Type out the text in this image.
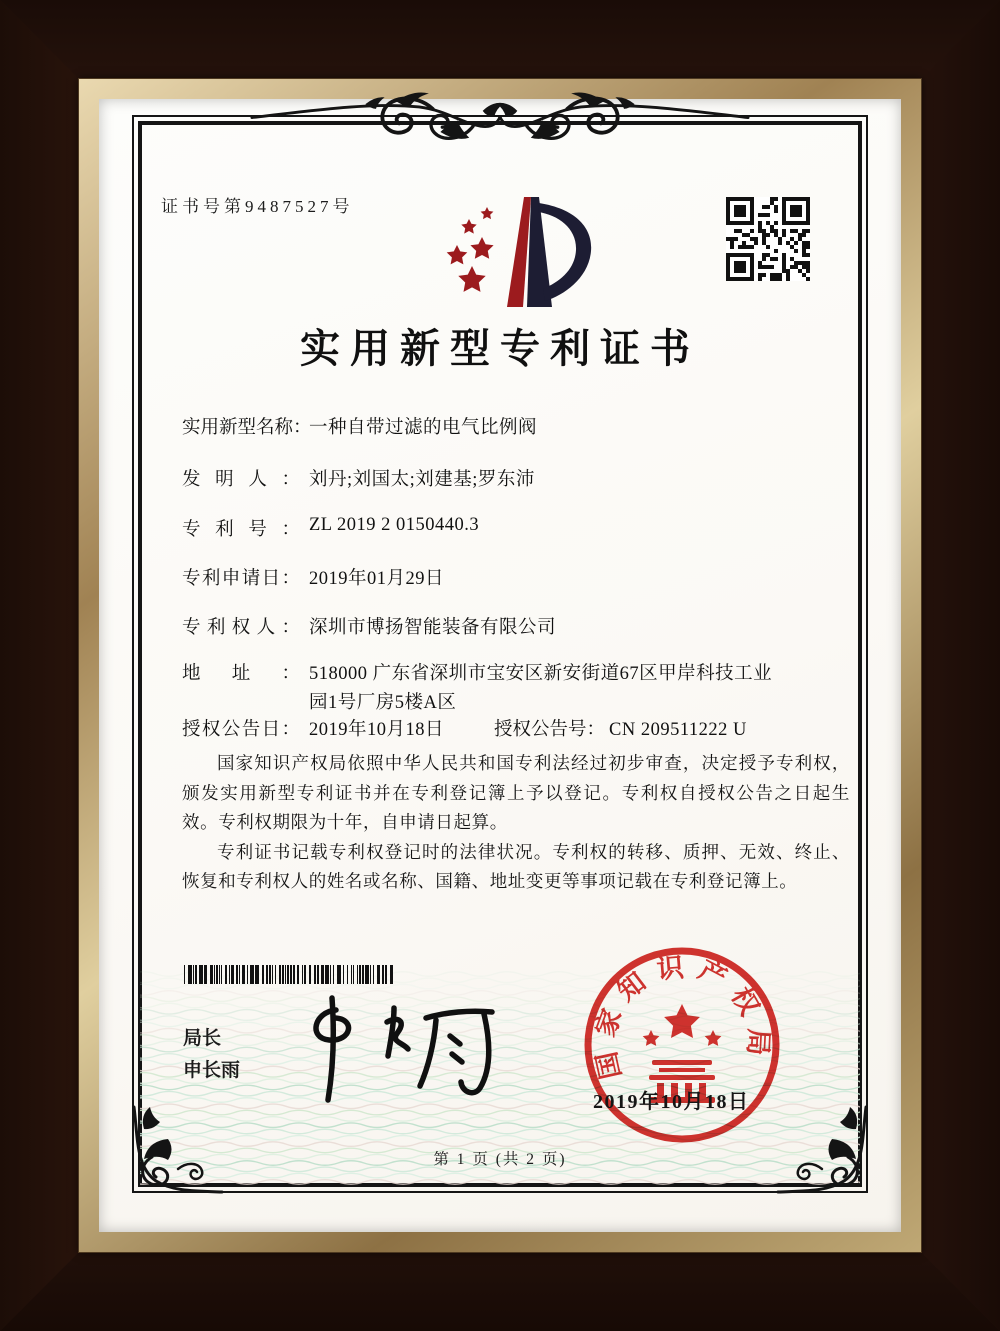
证书号第9487527号
实用新型专利证书
实用新型名称：一种自带过滤的电气比例阀
发明人： 刘丹;刘国太;刘建基;罗东沛
专利号： ZL 2019 2 0150440.3
专利申请日： 2019年01月29日
专利权人： 深圳市博扬智能装备有限公司
地址： 518000 广东省深圳市宝安区新安街道67区甲岸科技工业
园1号厂房5楼A区
授权公告日： 2019年10月18日	授权公告号： CN 209511222 U

国家知识产权局依照中华人民共和国专利法经过初步审查，决定授予专利权，颁发实用新型专利证书并在专利登记簿上予以登记。专利权自授权公告之日起生效。专利权期限为十年，自申请日起算。

专利证书记载专利权登记时的法律状况。专利权的转移、质押、无效、终止、恢复和专利权人的姓名或名称、国籍、地址变更等事项记载在专利登记簿上。

局长
申长雨	国家知识产权局
2019年10月18日
第 1 页 (共 2 页)
